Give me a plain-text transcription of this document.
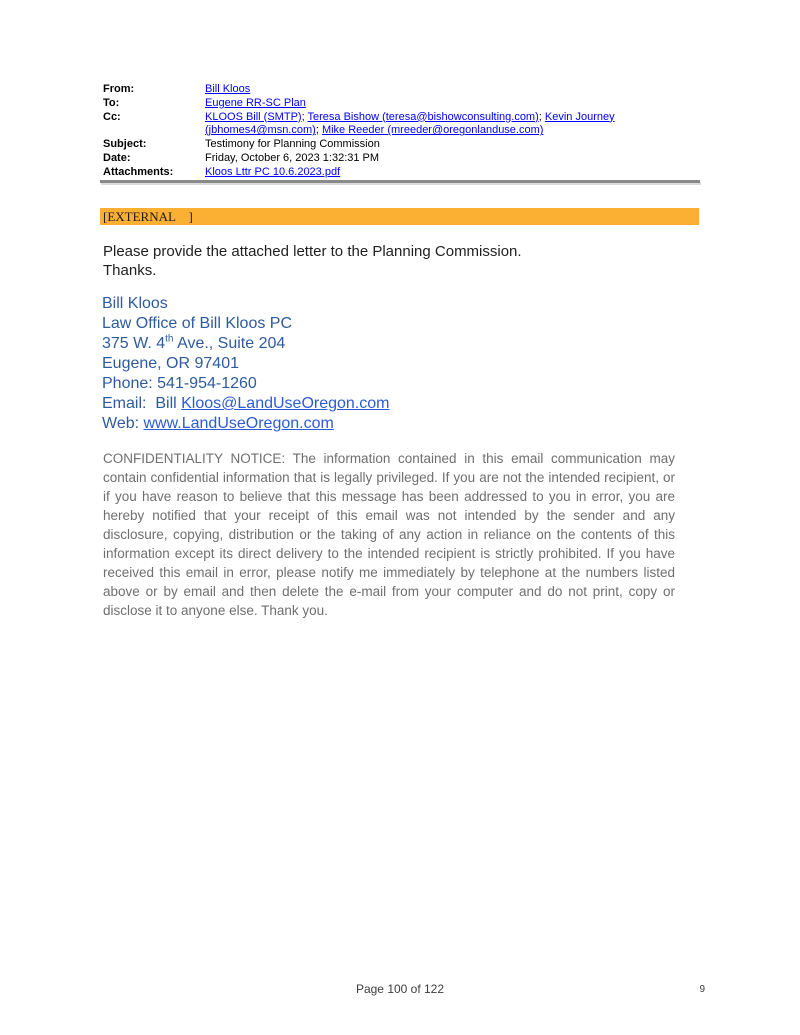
From:	Bill Kloos
To:	Eugene RR-SC Plan
Cc:	KLOOS Bill (SMTP); Teresa Bishow (teresa@bishowconsulting.com); Kevin Journey (jbhomes4@msn.com); Mike Reeder (mreeder@oregonlanduse.com)
Subject:	Testimony for Planning Commission
Date:	Friday, October 6, 2023 1:32:31 PM
Attachments:	Kloos Lttr PC 10.6.2023.pdf
[EXTERNAL    ]
Please provide the attached letter to the Planning Commission.
Thanks.
Bill Kloos
Law Office of Bill Kloos PC
375 W. 4th Ave., Suite 204
Eugene, OR 97401
Phone: 541-954-1260
Email:  Bill Kloos@LandUseOregon.com
Web: www.LandUseOregon.com
CONFIDENTIALITY NOTICE: The information contained in this email communication may contain confidential information that is legally privileged. If you are not the intended recipient, or if you have reason to believe that this message has been addressed to you in error, you are hereby notified that your receipt of this email was not intended by the sender and any disclosure, copying, distribution or the taking of any action in reliance on the contents of this information except its direct delivery to the intended recipient is strictly prohibited. If you have received this email in error, please notify me immediately by telephone at the numbers listed above or by email and then delete the e-mail from your computer and do not print, copy or disclose it to anyone else. Thank you.
Page 100 of 122	9
